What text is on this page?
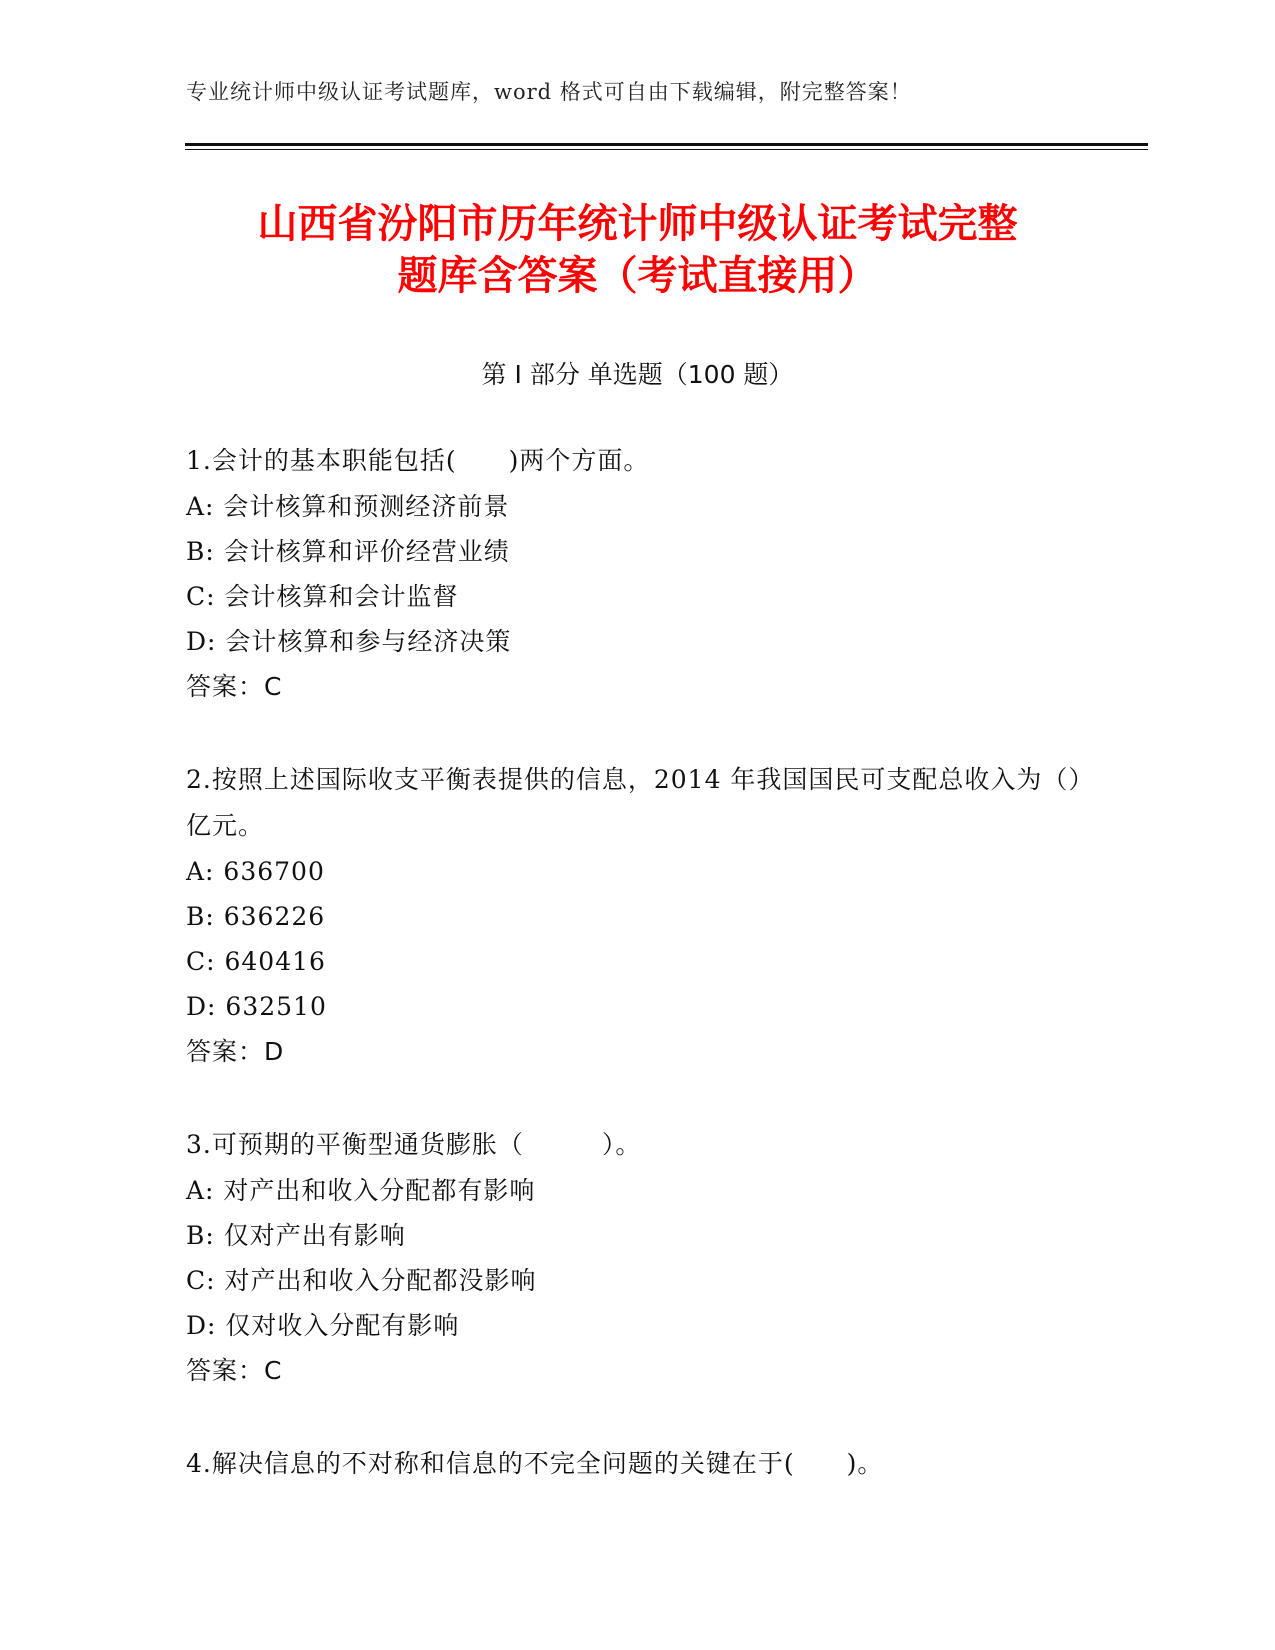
专业统计师中级认证考试题库，word 格式可自由下载编辑，附完整答案！
山西省汾阳市历年统计师中级认证考试完整
题库含答案（考试直接用）
第 I 部分 单选题（100 题）
1.会计的基本职能包括(　　)两个方面。
A: 会计核算和预测经济前景
B: 会计核算和评价经营业绩
C: 会计核算和会计监督
D: 会计核算和参与经济决策
答案：C
2.按照上述国际收支平衡表提供的信息，2014 年我国国民可支配总收入为（）亿元。
A: 636700
B: 636226
C: 640416
D: 632510
答案：D
3.可预期的平衡型通货膨胀（　　　）。
A: 对产出和收入分配都有影响
B: 仅对产出有影响
C: 对产出和收入分配都没影响
D: 仅对收入分配有影响
答案：C
4.解决信息的不对称和信息的不完全问题的关键在于(　　)。
